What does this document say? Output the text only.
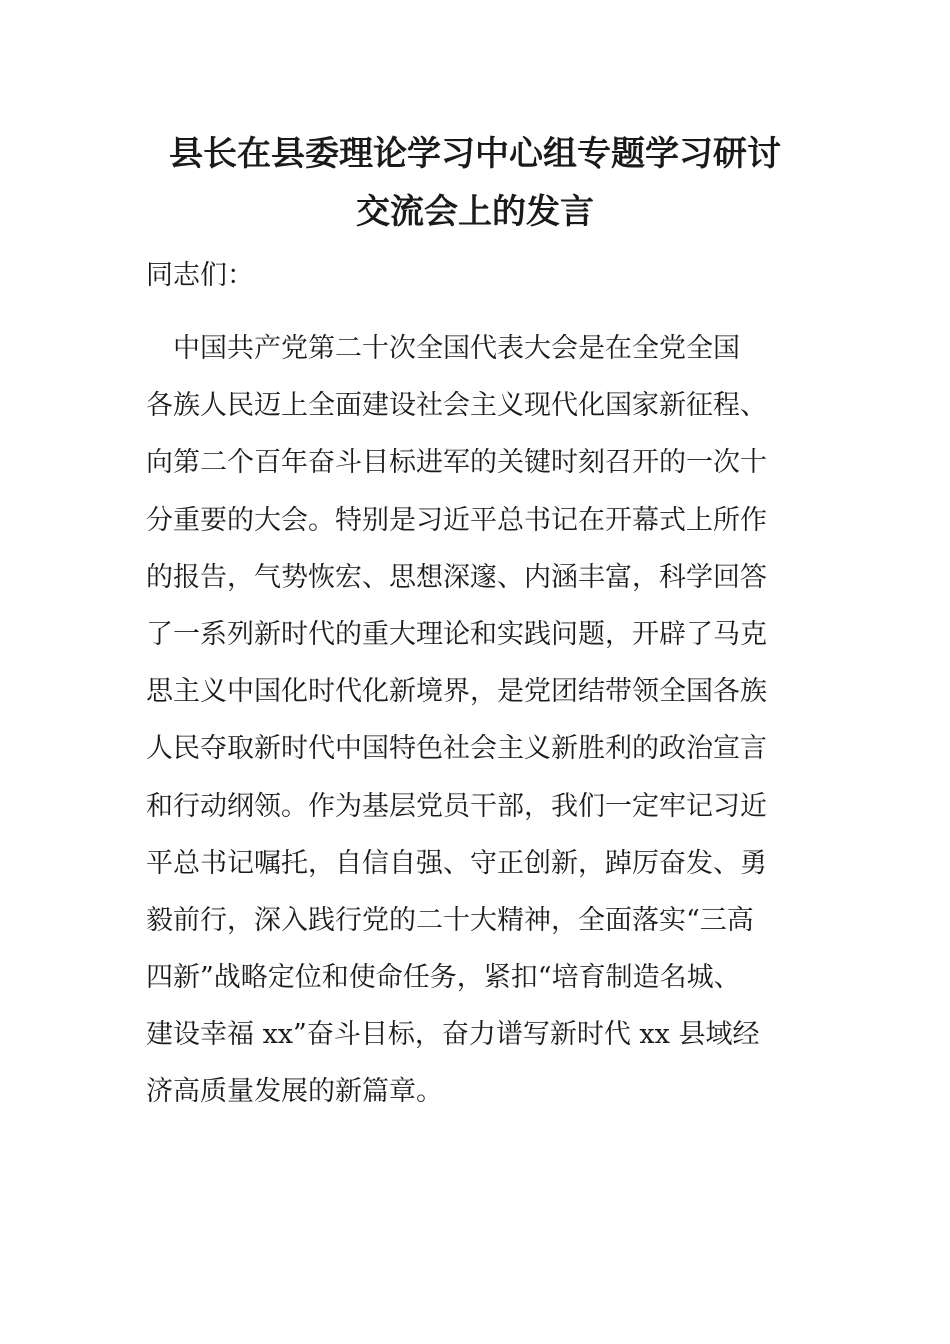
县长在县委理论学习中心组专题学习研讨
交流会上的发言

同志们：

　中国共产党第二十次全国代表大会是在全党全国
各族人民迈上全面建设社会主义现代化国家新征程、
向第二个百年奋斗目标进军的关键时刻召开的一次十
分重要的大会。特别是习近平总书记在开幕式上所作
的报告，气势恢宏、思想深邃、内涵丰富，科学回答
了一系列新时代的重大理论和实践问题，开辟了马克
思主义中国化时代化新境界，是党团结带领全国各族
人民夺取新时代中国特色社会主义新胜利的政治宣言
和行动纲领。作为基层党员干部，我们一定牢记习近
平总书记嘱托，自信自强、守正创新，踔厉奋发、勇
毅前行，深入践行党的二十大精神，全面落实“三高
四新”战略定位和使命任务，紧扣“培育制造名城、
建设幸福 xx”奋斗目标，奋力谱写新时代 xx 县域经
济高质量发展的新篇章。
